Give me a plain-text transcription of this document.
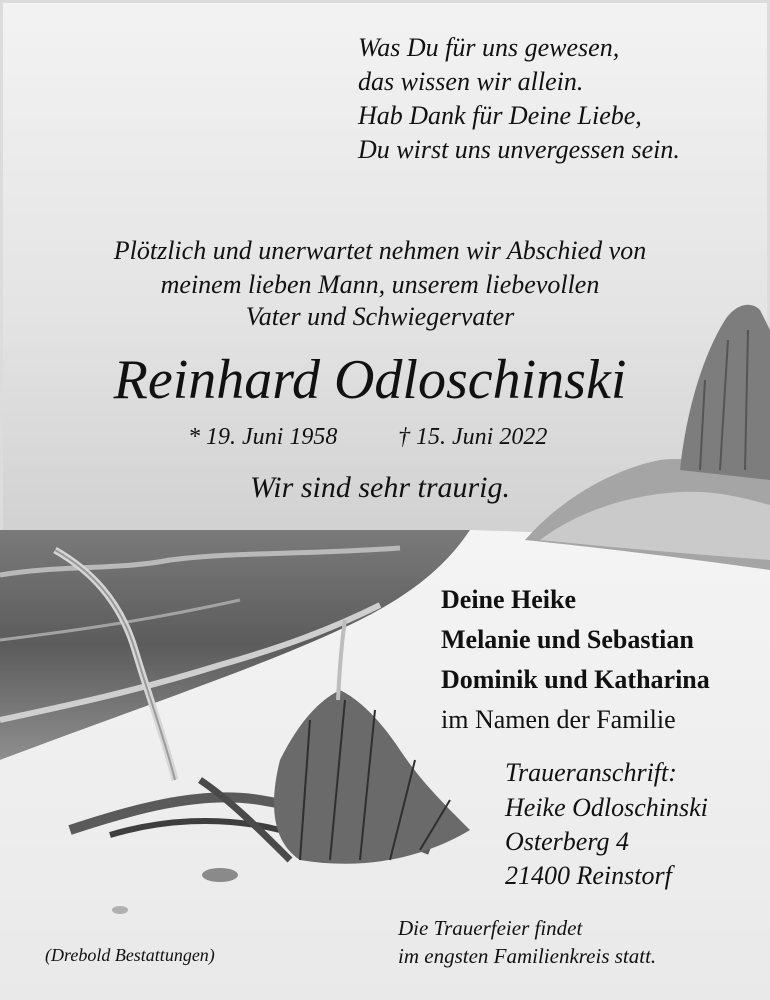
Was Du für uns gewesen,
das wissen wir allein.
Hab Dank für Deine Liebe,
Du wirst uns unvergessen sein.
Plötzlich und unerwartet nehmen wir Abschied von
meinem lieben Mann, unserem liebevollen
Vater und Schwiegervater
Reinhard Odloschinski
* 19. Juni 1958	† 15. Juni 2022
Wir sind sehr traurig.
Deine Heike
Melanie und Sebastian
Dominik und Katharina
im Namen der Familie
Traueranschrift:
Heike Odloschinski
Osterberg 4
21400 Reinstorf
Die Trauerfeier findet
im engsten Familienkreis statt.
(Drebold Bestattungen)
